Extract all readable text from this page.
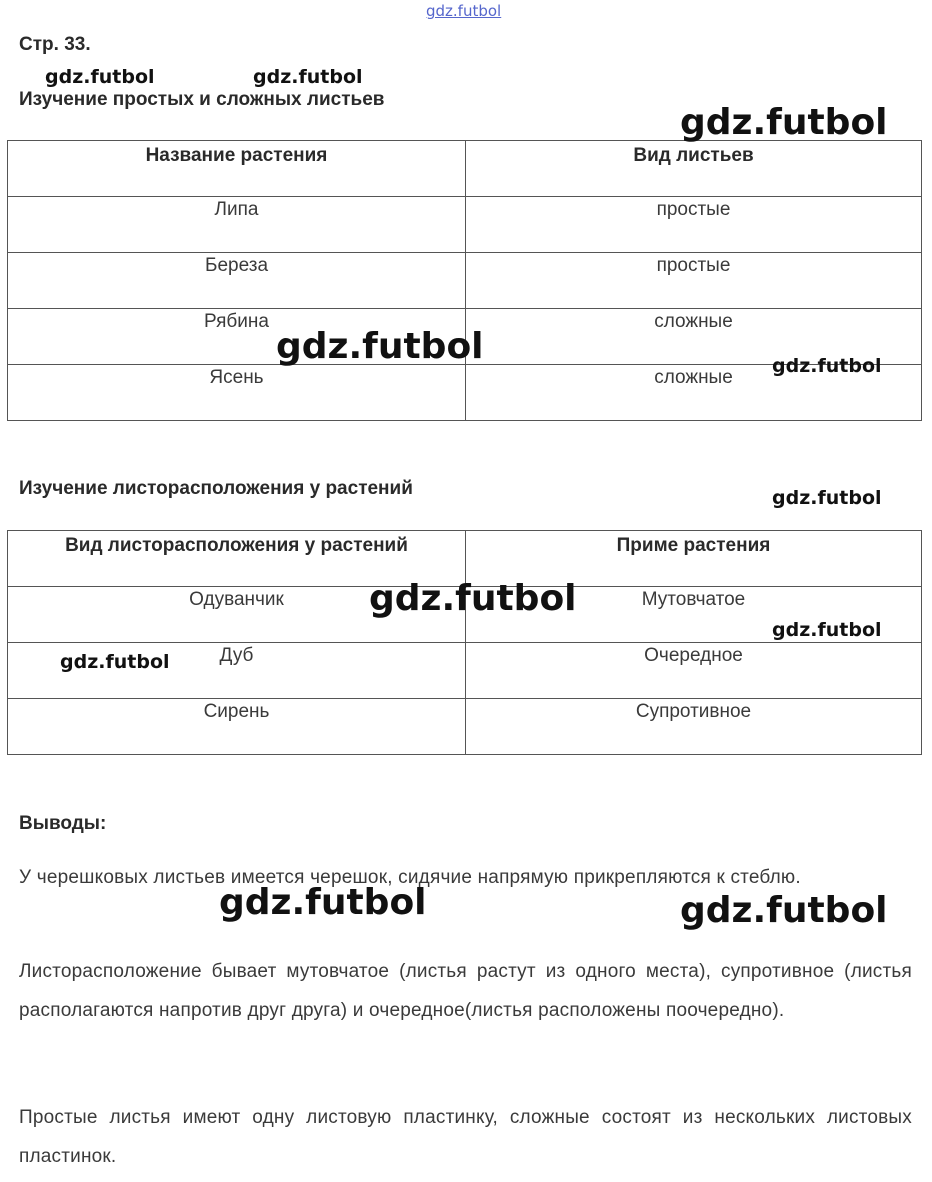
Стр. 33.
Изучение простых и сложных листьев
Название растения	Вид листьев

Липа	простые

Береза	простые

Рябина	сложные

Ясень	сложные
Изучение листорасположения у растений
Вид листорасположения у растений	Приме растения

Одуванчик	Мутовчатое

Дуб	Очередное

Сирень	Супротивное
Выводы:
У черешковых листьев имеется черешок, сидячие напрямую прикрепляются к стеблю.
Листорасположение бывает мутовчатое (листья растут из одного места), супротивное (листья располагаются напротив друг друга) и очередное(листья расположены поочередно).
Простые листья имеют одну листовую пластинку, сложные состоят из нескольких листовых пластинок.
gdz.futbol
gdz.futbol	gdz.futbol
gdz.futbol
gdz.futbol	gdz.futbol
gdz.futbol
gdz.futbol
gdz.futbol
gdz.futbol
gdz.futbol	gdz.futbol
